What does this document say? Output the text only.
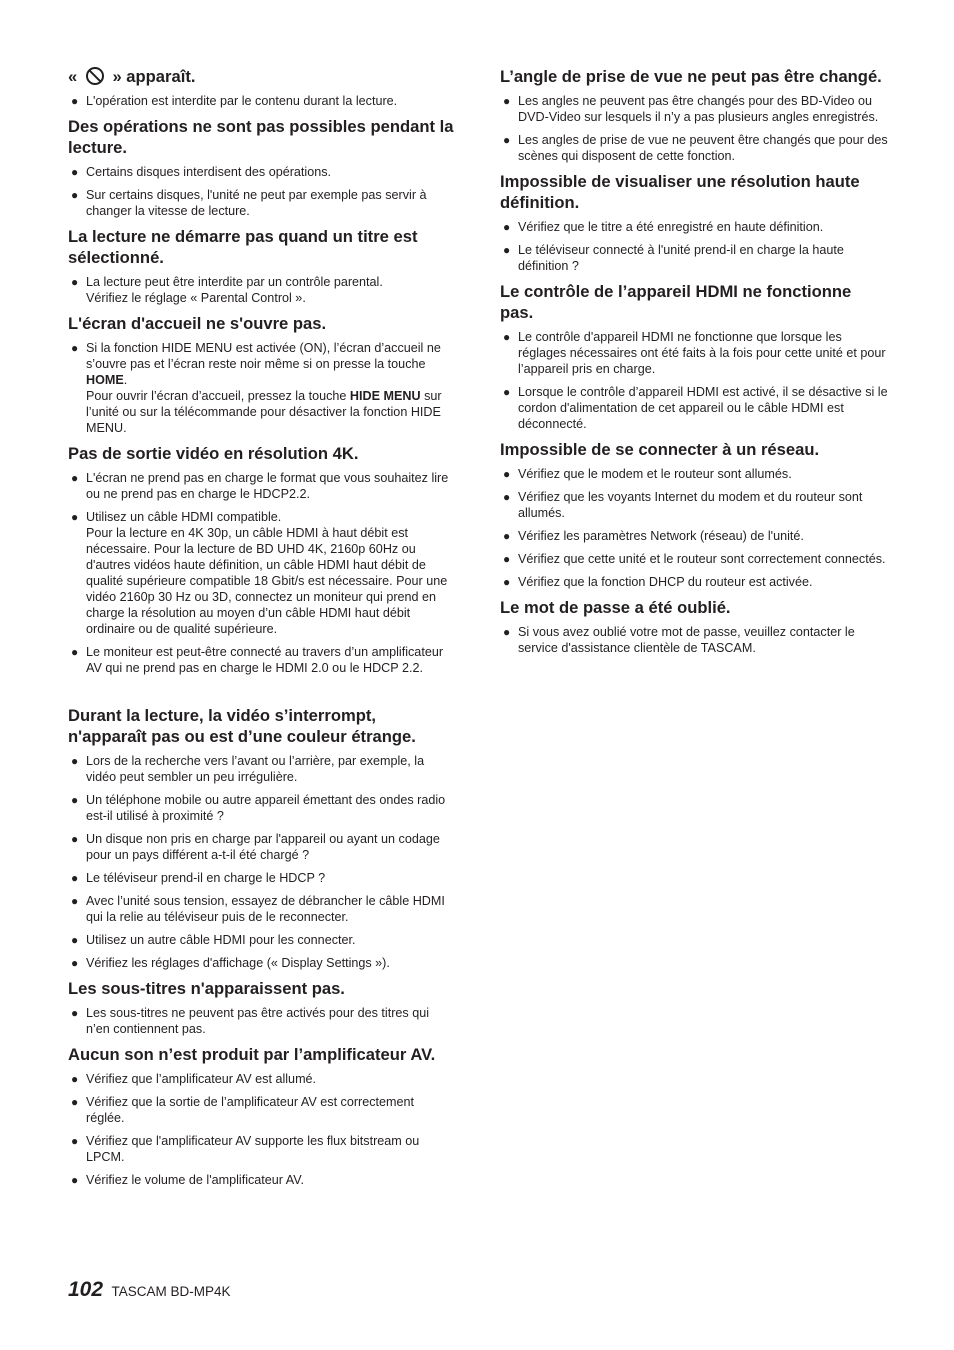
«  » apparaît.
● L'opération est interdite par le contenu durant la lecture.
Des opérations ne sont pas possibles pendant la lecture.
● Certains disques interdisent des opérations.
● Sur certains disques, l'unité ne peut par exemple pas servir à changer la vitesse de lecture.
La lecture ne démarre pas quand un titre est sélectionné.
● La lecture peut être interdite par un contrôle parental.
Vérifiez le réglage « Parental Control ».
L'écran d'accueil ne s'ouvre pas.
● Si la fonction HIDE MENU est activée (ON), l’écran d’accueil ne s’ouvre pas et l’écran reste noir même si on presse la touche HOME.
Pour ouvrir l’écran d’accueil, pressez la touche HIDE MENU sur l’unité ou sur la télécommande pour désactiver la fonction HIDE MENU.
Pas de sortie vidéo en résolution 4K.
● L'écran ne prend pas en charge le format que vous souhaitez lire ou ne prend pas en charge le HDCP2.2.
● Utilisez un câble HDMI compatible.
Pour la lecture en 4K 30p, un câble HDMI à haut débit est nécessaire. Pour la lecture de BD UHD 4K, 2160p 60Hz ou d'autres vidéos haute définition, un câble HDMI haut débit de qualité supérieure compatible 18 Gbit/s est nécessaire. Pour une vidéo 2160p 30 Hz ou 3D, connectez un moniteur qui prend en charge la résolution au moyen d’un câble HDMI haut débit ordinaire ou de qualité supérieure.
● Le moniteur est peut-être connecté au travers d’un amplificateur AV qui ne prend pas en charge le HDMI 2.0 ou le HDCP 2.2.
Durant la lecture, la vidéo s’interrompt, n'apparaît pas ou est d’une couleur étrange.
● Lors de la recherche vers l’avant ou l’arrière, par exemple, la vidéo peut sembler un peu irrégulière.
● Un téléphone mobile ou autre appareil émettant des ondes radio est-il utilisé à proximité ?
● Un disque non pris en charge par l'appareil ou ayant un codage pour un pays différent a-t-il été chargé ?
● Le téléviseur prend-il en charge le HDCP ?
● Avec l’unité sous tension, essayez de débrancher le câble HDMI qui la relie au téléviseur puis de le reconnecter.
● Utilisez un autre câble HDMI pour les connecter.
● Vérifiez les réglages d'affichage (« Display Settings »).
Les sous-titres n'apparaissent pas.
● Les sous-titres ne peuvent pas être activés pour des titres qui n’en contiennent pas.
Aucun son n’est produit par l’amplificateur AV.
● Vérifiez que l’amplificateur AV est allumé.
● Vérifiez que la sortie de l’amplificateur AV est correctement réglée.
● Vérifiez que l'amplificateur AV supporte les flux bitstream ou LPCM.
● Vérifiez le volume de l'amplificateur AV.
L’angle de prise de vue ne peut pas être changé.
● Les angles ne peuvent pas être changés pour des BD-Video ou DVD-Video sur lesquels il n’y a pas plusieurs angles enregistrés.
● Les angles de prise de vue ne peuvent être changés que pour des scènes qui disposent de cette fonction.
Impossible de visualiser une résolution haute définition.
● Vérifiez que le titre a été enregistré en haute définition.
● Le téléviseur connecté à l'unité prend-il en charge la haute définition ?
Le contrôle de l’appareil HDMI ne fonctionne pas.
● Le contrôle d'appareil HDMI ne fonctionne que lorsque les réglages nécessaires ont été faits à la fois pour cette unité et pour l’appareil pris en charge.
● Lorsque le contrôle d’appareil HDMI est activé, il se désactive si le cordon d'alimentation de cet appareil ou le câble HDMI est déconnecté.
Impossible de se connecter à un réseau.
● Vérifiez que le modem et le routeur sont allumés.
● Vérifiez que les voyants Internet du modem et du routeur sont allumés.
● Vérifiez les paramètres Network (réseau) de l'unité.
● Vérifiez que cette unité et le routeur sont correctement connectés.
● Vérifiez que la fonction DHCP du routeur est activée.
Le mot de passe a été oublié.
● Si vous avez oublié votre mot de passe, veuillez contacter le service d'assistance clientèle de TASCAM.
102 TASCAM BD-MP4K
